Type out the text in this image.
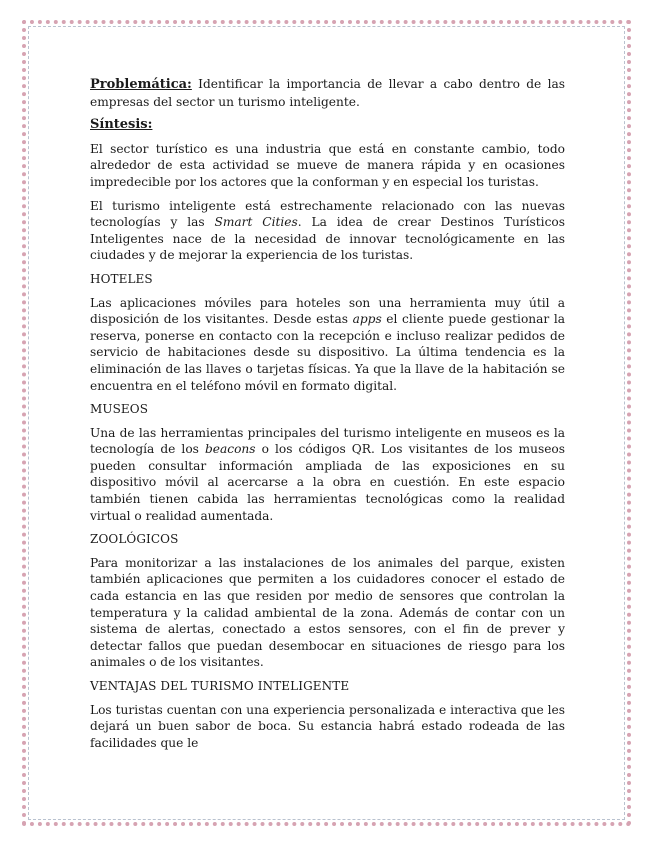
Problemática: Identificar la importancia de llevar a cabo dentro de las empresas del sector un turismo inteligente.

Síntesis:

El sector turístico es una industria que está en constante cambio, todo alrededor de esta actividad se mueve de manera rápida y en ocasiones impredecible por los actores que la conforman y en especial los turistas.

El turismo inteligente está estrechamente relacionado con las nuevas tecnologías y las Smart Cities. La idea de crear Destinos Turísticos Inteligentes nace de la necesidad de innovar tecnológicamente en las ciudades y de mejorar la experiencia de los turistas.

HOTELES

Las aplicaciones móviles para hoteles son una herramienta muy útil a disposición de los visitantes. Desde estas apps el cliente puede gestionar la reserva, ponerse en contacto con la recepción e incluso realizar pedidos de servicio de habitaciones desde su dispositivo. La última tendencia es la eliminación de las llaves o tarjetas físicas. Ya que la llave de la habitación se encuentra en el teléfono móvil en formato digital.

MUSEOS

Una de las herramientas principales del turismo inteligente en museos es la tecnología de los beacons o los códigos QR. Los visitantes de los museos pueden consultar información ampliada de las exposiciones en su dispositivo móvil al acercarse a la obra en cuestión. En este espacio también tienen cabida las herramientas tecnológicas como la realidad virtual o realidad aumentada.

ZOOLÓGICOS

Para monitorizar a las instalaciones de los animales del parque, existen también aplicaciones que permiten a los cuidadores conocer el estado de cada estancia en las que residen por medio de sensores que controlan la temperatura y la calidad ambiental de la zona. Además de contar con un sistema de alertas, conectado a estos sensores, con el fin de prever y detectar fallos que puedan desembocar en situaciones de riesgo para los animales o de los visitantes.

VENTAJAS DEL TURISMO INTELIGENTE

Los turistas cuentan con una experiencia personalizada e interactiva que les dejará un buen sabor de boca. Su estancia habrá estado rodeada de las facilidades que le
